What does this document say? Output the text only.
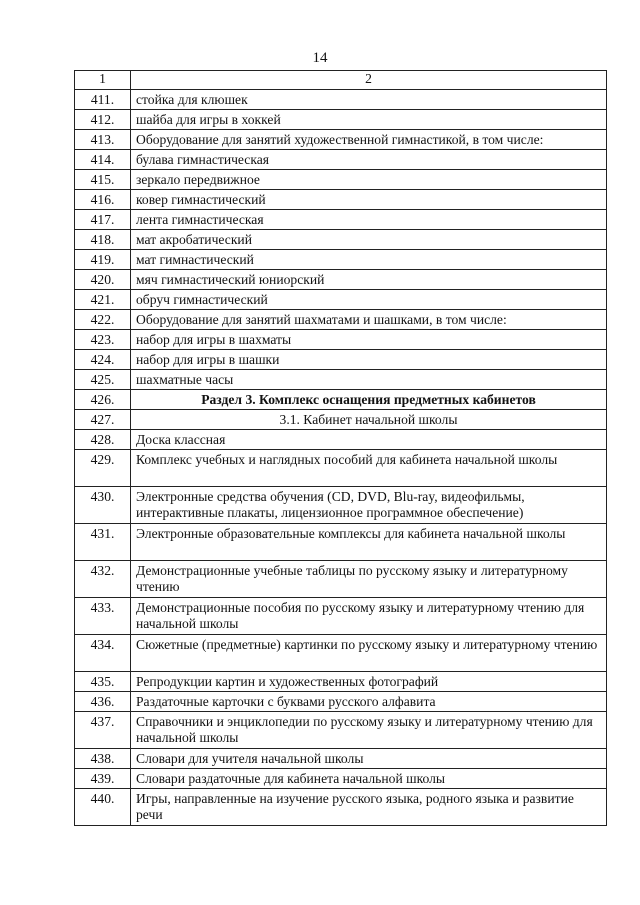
14
1	2
411.	стойка для клюшек
412.	шайба для игры в хоккей
413.	Оборудование для занятий художественной гимнастикой, в том числе:
414.	булава гимнастическая
415.	зеркало передвижное
416.	ковер гимнастический
417.	лента гимнастическая
418.	мат акробатический
419.	мат гимнастический
420.	мяч гимнастический юниорский
421.	обруч гимнастический
422.	Оборудование для занятий шахматами и шашками, в том числе:
423.	набор для игры в шахматы
424.	набор для игры в шашки
425.	шахматные часы
426.	Раздел 3. Комплекс оснащения предметных кабинетов
427.	3.1. Кабинет начальной школы
428.	Доска классная
429.	Комплекс учебных и наглядных пособий для кабинета начальной школы
430.	Электронные средства обучения (CD, DVD, Blu-ray, видеофильмы, интерактивные плакаты, лицензионное программное обеспечение)
431.	Электронные образовательные комплексы для кабинета начальной школы
432.	Демонстрационные учебные таблицы по русскому языку и литературному чтению
433.	Демонстрационные пособия по русскому языку и литературному чтению для начальной школы
434.	Сюжетные (предметные) картинки по русскому языку и литературному чтению
435.	Репродукции картин и художественных фотографий
436.	Раздаточные карточки с буквами русского алфавита
437.	Справочники и энциклопедии по русскому языку и литературному чтению для начальной школы
438.	Словари для учителя начальной школы
439.	Словари раздаточные для кабинета начальной школы
440.	Игры, направленные на изучение русского языка, родного языка и развитие речи
